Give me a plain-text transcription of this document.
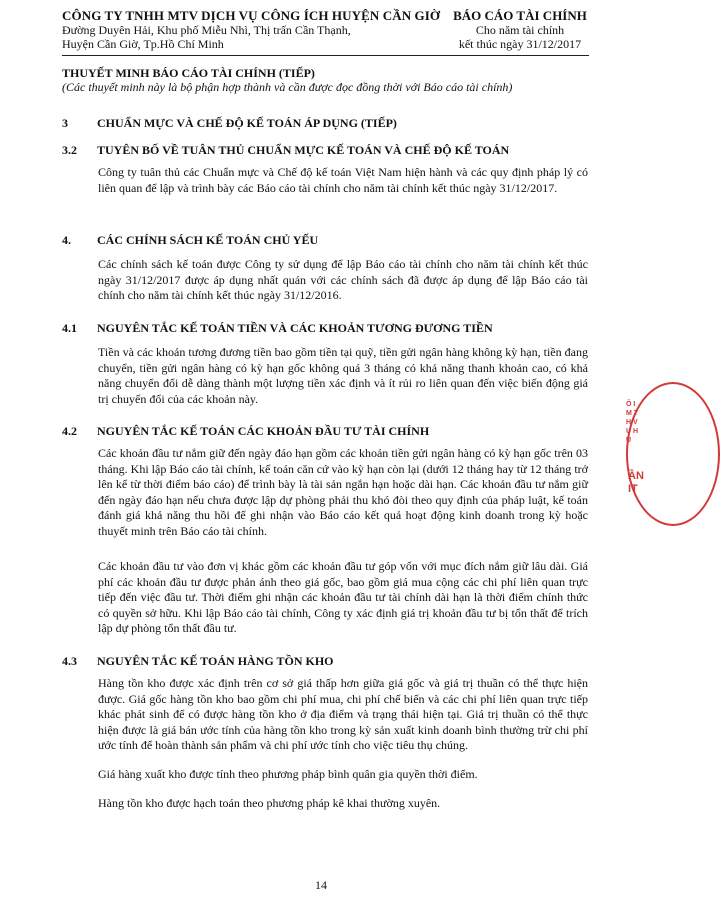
CÔNG TY TNHH MTV DỊCH VỤ CÔNG ÍCH HUYỆN CẦN GIỜ
Đường Duyên Hải, Khu phố Miễu Nhì, Thị trấn Cần Thạnh,
Huyện Cần Giờ, Tp.Hồ Chí Minh
BÁO CÁO TÀI CHÍNH
Cho năm tài chính
kết thúc ngày 31/12/2017
THUYẾT MINH BÁO CÁO TÀI CHÍNH (TIẾP)
(Các thuyết minh này là bộ phận hợp thành và cần được đọc đồng thời với Báo cáo tài chính)
3 CHUẨN MỰC VÀ CHẾ ĐỘ KẾ TOÁN ÁP DỤNG (TIẾP)
3.2 TUYÊN BỐ VỀ TUÂN THỦ CHUẨN MỰC KẾ TOÁN VÀ CHẾ ĐỘ KẾ TOÁN
Công ty tuân thủ các Chuẩn mực và Chế độ kế toán Việt Nam hiện hành và các quy định pháp lý có liên quan để lập và trình bày các Báo cáo tài chính cho năm tài chính kết thúc ngày 31/12/2017.
4. CÁC CHÍNH SÁCH KẾ TOÁN CHỦ YẾU
Các chính sách kế toán được Công ty sử dụng để lập Báo cáo tài chính cho năm tài chính kết thúc ngày 31/12/2017 được áp dụng nhất quán với các chính sách đã được áp dụng để lập Báo cáo tài chính cho năm tài chính kết thúc ngày 31/12/2016.
4.1 NGUYÊN TẮC KẾ TOÁN TIỀN VÀ CÁC KHOẢN TƯƠNG ĐƯƠNG TIỀN
Tiền và các khoản tương đương tiền bao gồm tiền tại quỹ, tiền gửi ngân hàng không kỳ hạn, tiền đang chuyển, tiền gửi ngân hàng có kỳ hạn gốc không quá 3 tháng có khả năng thanh khoản cao, có khả năng chuyển đổi dễ dàng thành một lượng tiền xác định và ít rủi ro liên quan đến việc biến động giá trị chuyển đổi của các khoản này.
4.2 NGUYÊN TẮC KẾ TOÁN CÁC KHOẢN ĐẦU TƯ TÀI CHÍNH
Các khoản đầu tư nắm giữ đến ngày đáo hạn gồm các khoản tiền gửi ngân hàng có kỳ hạn gốc trên 03 tháng. Khi lập Báo cáo tài chính, kế toán căn cứ vào kỳ hạn còn lại (dưới 12 tháng hay từ 12 tháng trở lên kể từ thời điểm báo cáo) để trình bày là tài sản ngắn hạn hoặc dài hạn. Các khoản đầu tư nắm giữ đến ngày đáo hạn nếu chưa được lập dự phòng phải thu khó đòi theo quy định của pháp luật, kế toán đánh giá khả năng thu hồi để ghi nhận vào Báo cáo kết quả hoạt động kinh doanh trong kỳ hoặc thuyết minh trên Báo cáo tài chính.
Các khoản đầu tư vào đơn vị khác gồm các khoản đầu tư góp vốn với mục đích nắm giữ lâu dài. Giá phí các khoản đầu tư được phản ánh theo giá gốc, bao gồm giá mua cộng các chi phí liên quan trực tiếp đến việc đầu tư. Thời điểm ghi nhận các khoản đầu tư tài chính dài hạn là thời điểm chính thức có quyền sở hữu. Khi lập Báo cáo tài chính, Công ty xác định giá trị khoản đầu tư bị tổn thất để trích lập dự phòng tổn thất đầu tư.
4.3 NGUYÊN TẮC KẾ TOÁN HÀNG TỒN KHO
Hàng tồn kho được xác định trên cơ sở giá thấp hơn giữa giá gốc và giá trị thuần có thể thực hiện được. Giá gốc hàng tồn kho bao gồm chi phí mua, chi phí chế biến và các chi phí liên quan trực tiếp khác phát sinh để có được hàng tồn kho ở địa điểm và trạng thái hiện tại. Giá trị thuần có thể thực hiện được là giá bán ước tính của hàng tồn kho trong kỳ sản xuất kinh doanh bình thường trừ chi phí ước tính để hoàn thành sản phẩm và chi phí ước tính cho việc tiêu thụ chúng.
Giá hàng xuất kho được tính theo phương pháp bình quân gia quyền thời điểm.
Hàng tồn kho được hạch toán theo phương pháp kê khai thường xuyên.
14
Ô IM TH VỤ HU
ẦN IT
